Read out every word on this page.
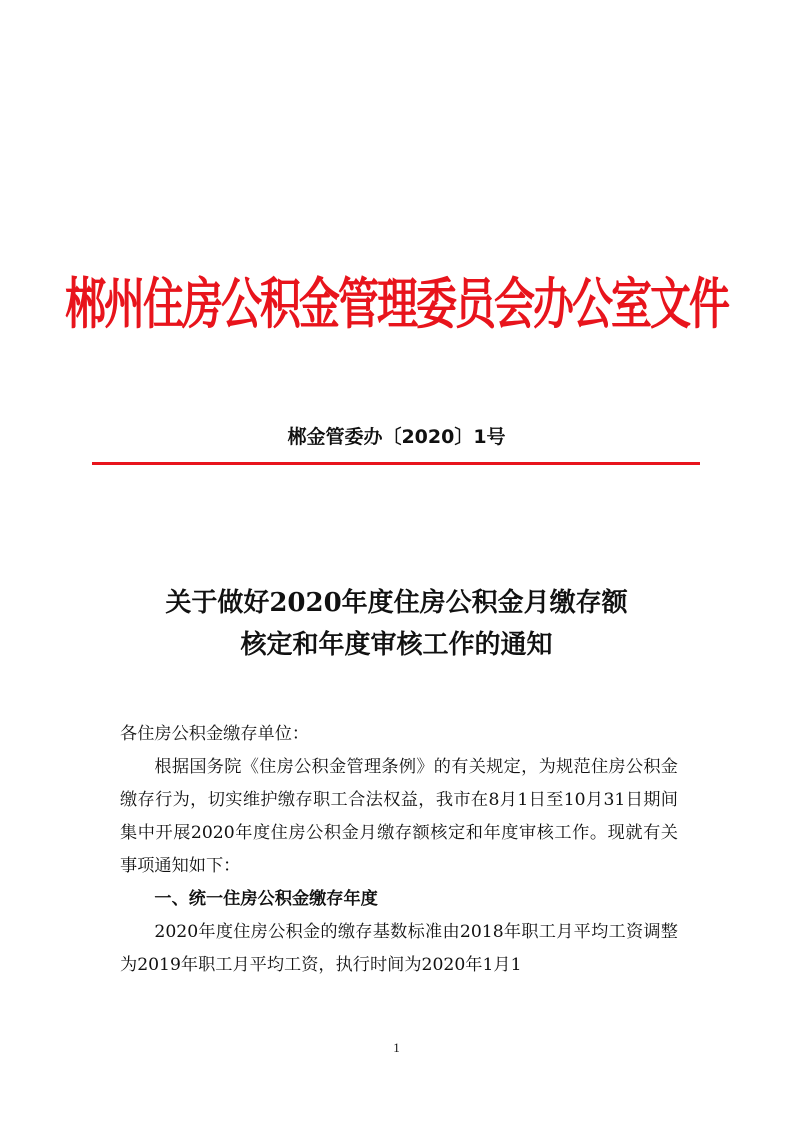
郴州住房公积金管理委员会办公室文件
郴金管委办〔2020〕1号
关于做好2020年度住房公积金月缴存额
核定和年度审核工作的通知

各住房公积金缴存单位：

根据国务院《住房公积金管理条例》的有关规定，为规范住房公积金缴存行为，切实维护缴存职工合法权益，我市在8月1日至10月31日期间集中开展2020年度住房公积金月缴存额核定和年度审核工作。现就有关事项通知如下：

一、统一住房公积金缴存年度

2020年度住房公积金的缴存基数标准由2018年职工月平均工资调整为2019年职工月平均工资，执行时间为2020年1月1

1
